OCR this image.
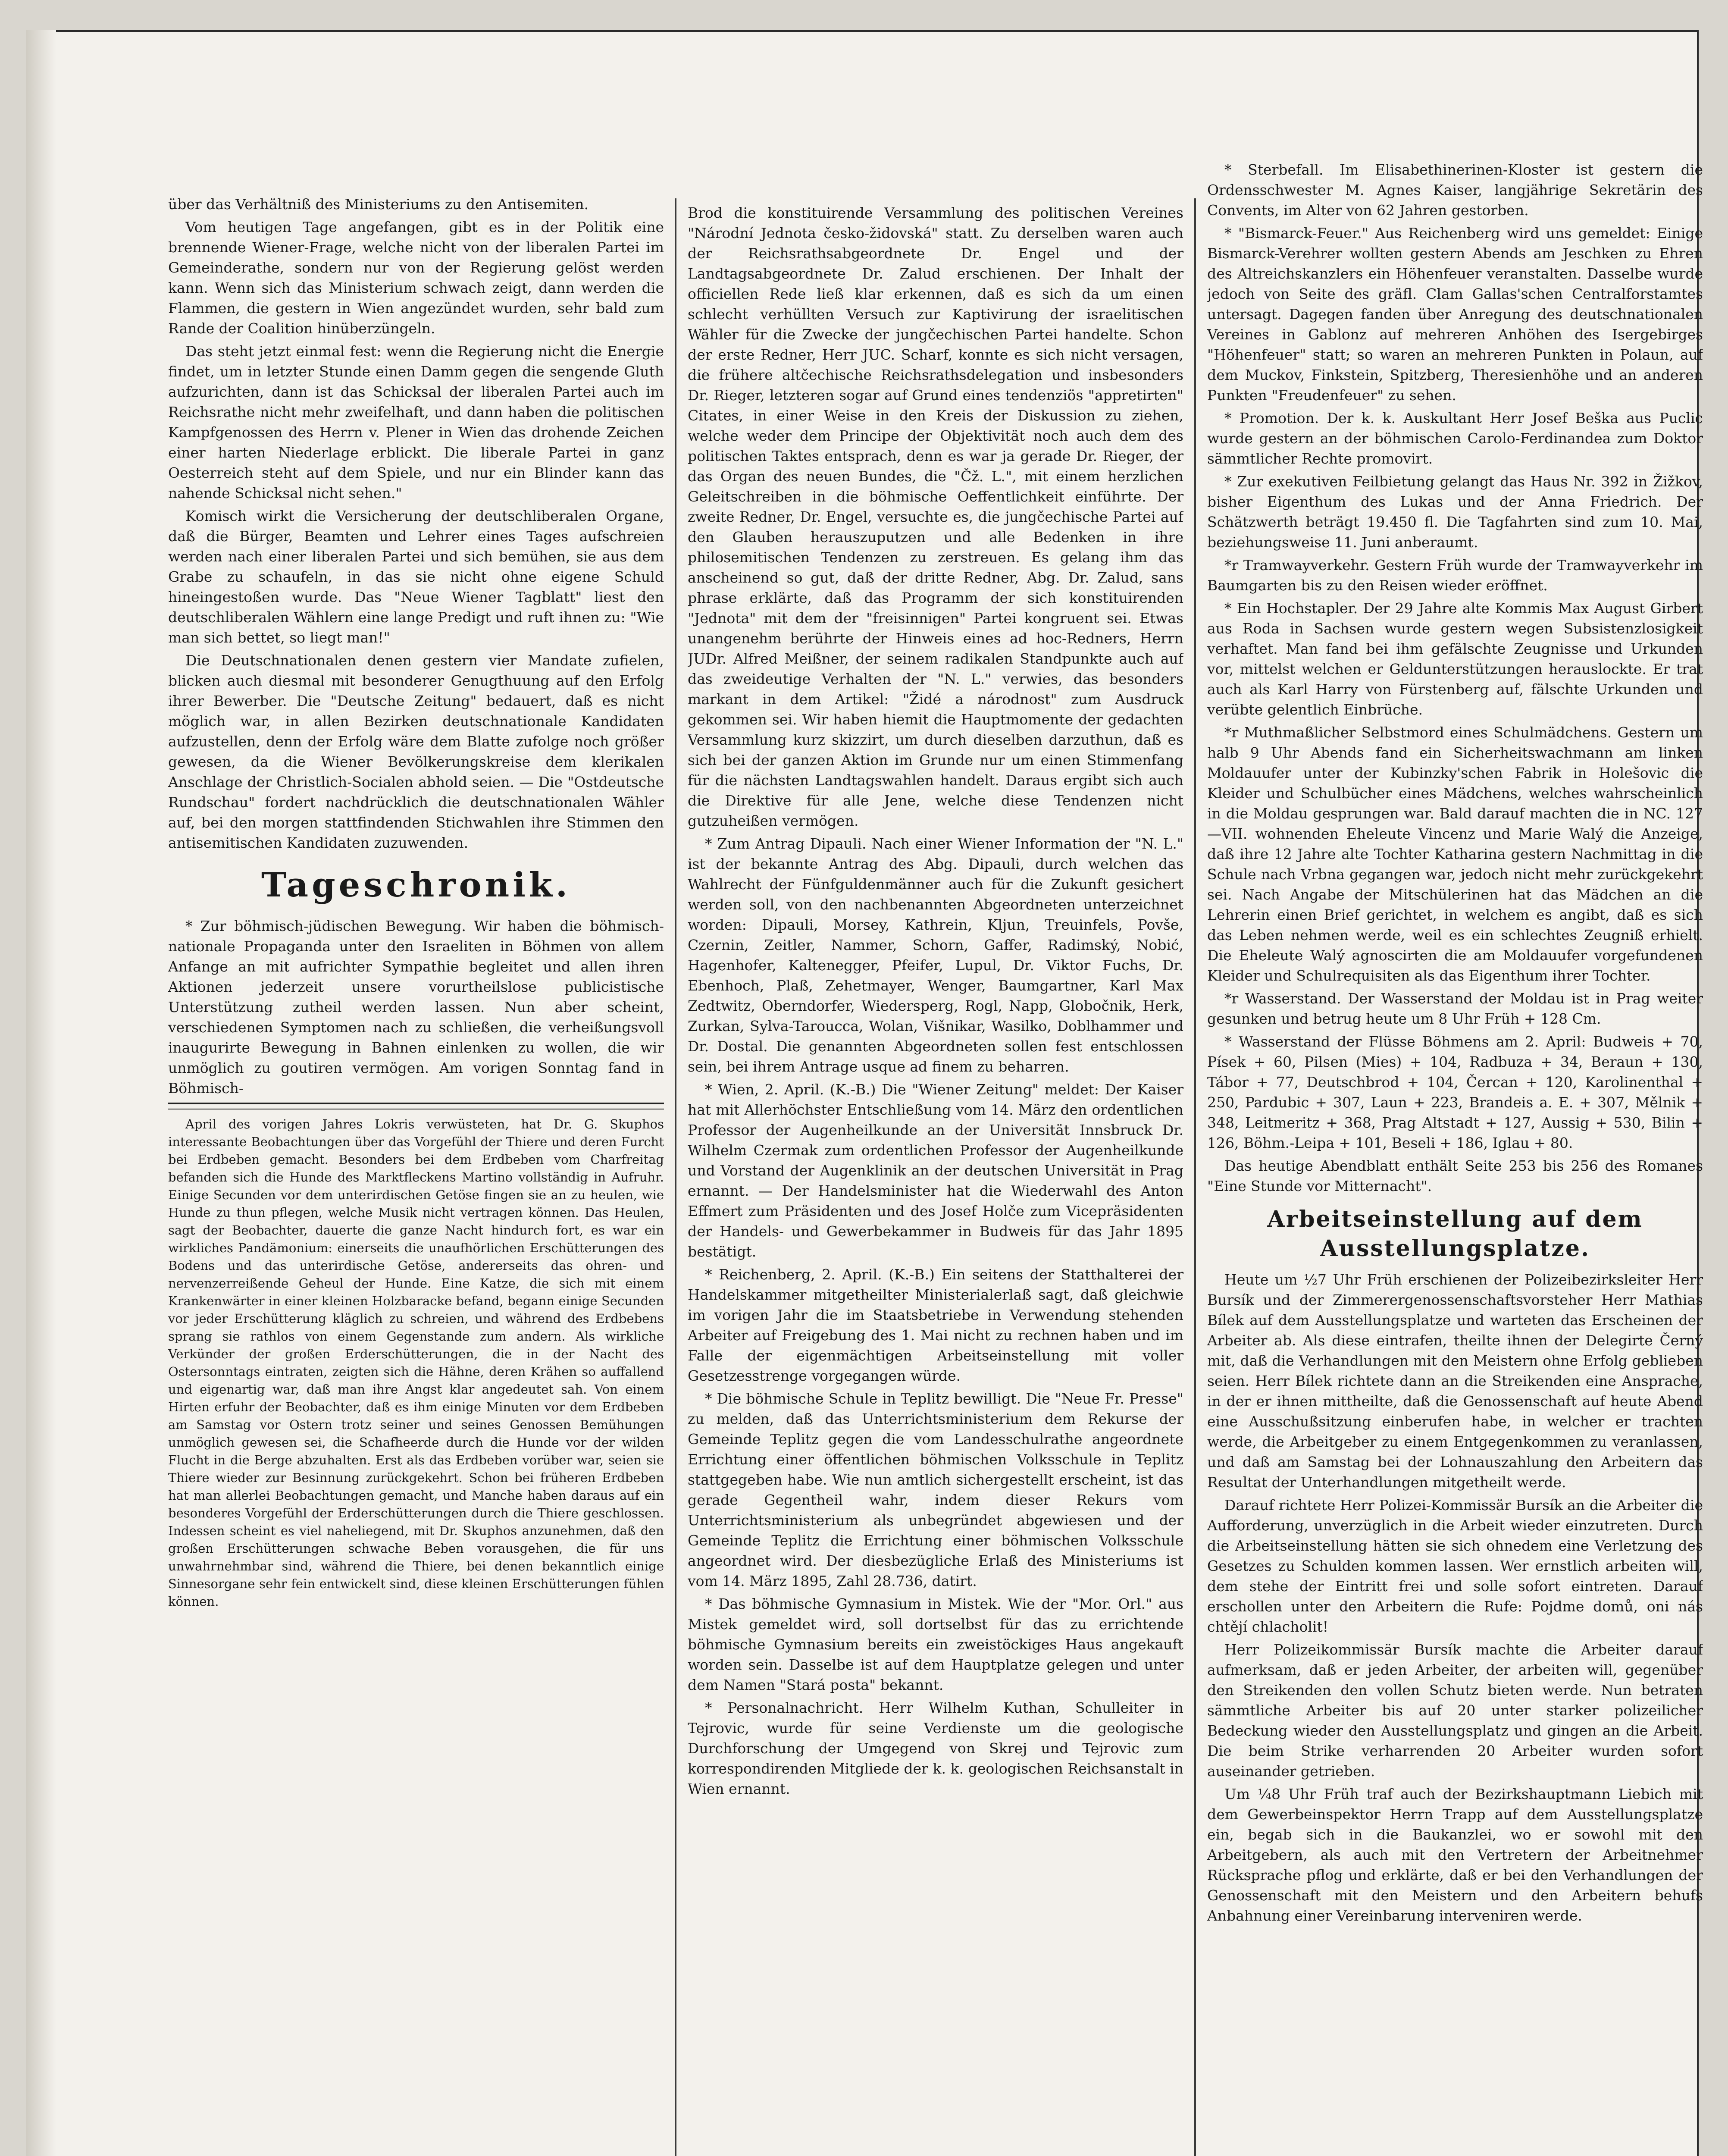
über das Verhältniß des Ministeriums zu den Antisemiten.

Vom heutigen Tage angefangen, gibt es in der Politik eine brennende Wiener-Frage, welche nicht von der liberalen Partei im Gemeinderathe, sondern nur von der Regierung gelöst werden kann. Wenn sich das Ministerium schwach zeigt, dann werden die Flammen, die gestern in Wien angezündet wurden, sehr bald zum Rande der Coalition hinüberzüngeln.

Das steht jetzt einmal fest: wenn die Regierung nicht die Energie findet, um in letzter Stunde einen Damm gegen die sengende Gluth aufzurichten, dann ist das Schicksal der liberalen Partei auch im Reichsrathe nicht mehr zweifelhaft, und dann haben die politischen Kampfgenossen des Herrn v. Plener in Wien das drohende Zeichen einer harten Niederlage erblickt. Die liberale Partei in ganz Oesterreich steht auf dem Spiele, und nur ein Blinder kann das nahende Schicksal nicht sehen."

Komisch wirkt die Versicherung der deutschliberalen Organe, daß die Bürger, Beamten und Lehrer eines Tages aufschreien werden nach einer liberalen Partei und sich bemühen, sie aus dem Grabe zu schaufeln, in das sie nicht ohne eigene Schuld hineingestoßen wurde. Das "Neue Wiener Tagblatt" liest den deutschliberalen Wählern eine lange Predigt und ruft ihnen zu: "Wie man sich bettet, so liegt man!"

Die Deutschnationalen denen gestern vier Mandate zufielen, blicken auch diesmal mit besonderer Genugthuung auf den Erfolg ihrer Bewerber. Die "Deutsche Zeitung" bedauert, daß es nicht möglich war, in allen Bezirken deutschnationale Kandidaten aufzustellen, denn der Erfolg wäre dem Blatte zufolge noch größer gewesen, da die Wiener Bevölkerungskreise dem klerikalen Anschlage der Christlich-Socialen abhold seien. — Die "Ostdeutsche Rundschau" fordert nachdrücklich die deutschnationalen Wähler auf, bei den morgen stattfindenden Stichwahlen ihre Stimmen den antisemitischen Kandidaten zuzuwenden.

Tageschronik.

* Zur böhmisch-jüdischen Bewegung. Wir haben die böhmisch-nationale Propaganda unter den Israeliten in Böhmen von allem Anfange an mit aufrichter Sympathie begleitet und allen ihren Aktionen jederzeit unsere vorurtheilslose publicistische Unterstützung zutheil werden lassen. Nun aber scheint, verschiedenen Symptomen nach zu schließen, die verheißungsvoll inaugurirte Bewegung in Bahnen einlenken zu wollen, die wir unmöglich zu goutiren vermögen. Am vorigen Sonntag fand in Böhmisch-

April des vorigen Jahres Lokris verwüsteten, hat Dr. G. Skuphos interessante Beobachtungen über das Vorgefühl der Thiere und deren Furcht bei Erdbeben gemacht. Besonders bei dem Erdbeben vom Charfreitag befanden sich die Hunde des Marktfleckens Martino vollständig in Aufruhr. Einige Secunden vor dem unterirdischen Getöse fingen sie an zu heulen, wie Hunde zu thun pflegen, welche Musik nicht vertragen können. Das Heulen, sagt der Beobachter, dauerte die ganze Nacht hindurch fort, es war ein wirkliches Pandämonium: einerseits die unaufhörlichen Erschütterungen des Bodens und das unterirdische Getöse, andererseits das ohren- und nervenzerreißende Geheul der Hunde. Eine Katze, die sich mit einem Krankenwärter in einer kleinen Holzbaracke befand, begann einige Secunden vor jeder Erschütterung kläglich zu schreien, und während des Erdbebens sprang sie rathlos von einem Gegenstande zum andern. Als wirkliche Verkünder der großen Erderschütterungen, die in der Nacht des Ostersonntags eintraten, zeigten sich die Hähne, deren Krähen so auffallend und eigenartig war, daß man ihre Angst klar angedeutet sah. Von einem Hirten erfuhr der Beobachter, daß es ihm einige Minuten vor dem Erdbeben am Samstag vor Ostern trotz seiner und seines Genossen Bemühungen unmöglich gewesen sei, die Schafheerde durch die Hunde vor der wilden Flucht in die Berge abzuhalten. Erst als das Erdbeben vorüber war, seien sie Thiere wieder zur Besinnung zurückgekehrt. Schon bei früheren Erdbeben hat man allerlei Beobachtungen gemacht, und Manche haben daraus auf ein besonderes Vorgefühl der Erderschütterungen durch die Thiere geschlossen. Indessen scheint es viel naheliegend, mit Dr. Skuphos anzunehmen, daß den großen Erschütterungen schwache Beben vorausgehen, die für uns unwahrnehmbar sind, während die Thiere, bei denen bekanntlich einige Sinnesorgane sehr fein entwickelt sind, diese kleinen Erschütterungen fühlen können.

Brod die konstituirende Versammlung des politischen Vereines "Národní Jednota česko-židovská" statt. Zu derselben waren auch der Reichsrathsabgeordnete Dr. Engel und der Landtagsabgeordnete Dr. Zalud erschienen. Der Inhalt der officiellen Rede ließ klar erkennen, daß es sich da um einen schlecht verhüllten Versuch zur Kaptivirung der israelitischen Wähler für die Zwecke der jungčechischen Partei handelte. Schon der erste Redner, Herr JUC. Scharf, konnte es sich nicht versagen, die frühere altčechische Reichsrathsdelegation und insbesonders Dr. Rieger, letzteren sogar auf Grund eines tendenziös "appretirten" Citates, in einer Weise in den Kreis der Diskussion zu ziehen, welche weder dem Principe der Objektivität noch auch dem des politischen Taktes entsprach, denn es war ja gerade Dr. Rieger, der das Organ des neuen Bundes, die "Čž. L.", mit einem herzlichen Geleitschreiben in die böhmische Oeffentlichkeit einführte. Der zweite Redner, Dr. Engel, versuchte es, die jungčechische Partei auf den Glauben herauszuputzen und alle Bedenken in ihre philosemitischen Tendenzen zu zerstreuen. Es gelang ihm das anscheinend so gut, daß der dritte Redner, Abg. Dr. Zalud, sans phrase erklärte, daß das Programm der sich konstituirenden "Jednota" mit dem der "freisinnigen" Partei kongruent sei. Etwas unangenehm berührte der Hinweis eines ad hoc-Redners, Herrn JUDr. Alfred Meißner, der seinem radikalen Standpunkte auch auf das zweideutige Verhalten der "N. L." verwies, das besonders markant in dem Artikel: "Židé a národnost" zum Ausdruck gekommen sei. Wir haben hiemit die Hauptmomente der gedachten Versammlung kurz skizzirt, um durch dieselben darzuthun, daß es sich bei der ganzen Aktion im Grunde nur um einen Stimmenfang für die nächsten Landtagswahlen handelt. Daraus ergibt sich auch die Direktive für alle Jene, welche diese Tendenzen nicht gutzuheißen vermögen.

* Zum Antrag Dipauli. Nach einer Wiener Information der "N. L." ist der bekannte Antrag des Abg. Dipauli, durch welchen das Wahlrecht der Fünfguldenmänner auch für die Zukunft gesichert werden soll, von den nachbenannten Abgeordneten unterzeichnet worden: Dipauli, Morsey, Kathrein, Kljun, Treuinfels, Povše, Czernin, Zeitler, Nammer, Schorn, Gaffer, Radimský, Nobić, Hagenhofer, Kaltenegger, Pfeifer, Lupul, Dr. Viktor Fuchs, Dr. Ebenhoch, Plaß, Zehetmayer, Wenger, Baumgartner, Karl Max Zedtwitz, Oberndorfer, Wiedersperg, Rogl, Napp, Globočnik, Herk, Zurkan, Sylva-Taroucca, Wolan, Višnikar, Wasilko, Doblhammer und Dr. Dostal. Die genannten Abgeordneten sollen fest entschlossen sein, bei ihrem Antrage usque ad finem zu beharren.

* Wien, 2. April. (K.-B.) Die "Wiener Zeitung" meldet: Der Kaiser hat mit Allerhöchster Entschließung vom 14. März den ordentlichen Professor der Augenheilkunde an der Universität Innsbruck Dr. Wilhelm Czermak zum ordentlichen Professor der Augenheilkunde und Vorstand der Augenklinik an der deutschen Universität in Prag ernannt. — Der Handelsminister hat die Wiederwahl des Anton Effmert zum Präsidenten und des Josef Holče zum Vicepräsidenten der Handels- und Gewerbekammer in Budweis für das Jahr 1895 bestätigt.

* Reichenberg, 2. April. (K.-B.) Ein seitens der Statthalterei der Handelskammer mitgetheilter Ministerialerlaß sagt, daß gleichwie im vorigen Jahr die im Staatsbetriebe in Verwendung stehenden Arbeiter auf Freigebung des 1. Mai nicht zu rechnen haben und im Falle der eigenmächtigen Arbeitseinstellung mit voller Gesetzesstrenge vorgegangen würde.

* Die böhmische Schule in Teplitz bewilligt. Die "Neue Fr. Presse" zu melden, daß das Unterrichtsministerium dem Rekurse der Gemeinde Teplitz gegen die vom Landesschulrathe angeordnete Errichtung einer öffentlichen böhmischen Volksschule in Teplitz stattgegeben habe. Wie nun amtlich sichergestellt erscheint, ist das gerade Gegentheil wahr, indem dieser Rekurs vom Unterrichtsministerium als unbegründet abgewiesen und der Gemeinde Teplitz die Errichtung einer böhmischen Volksschule angeordnet wird. Der diesbezügliche Erlaß des Ministeriums ist vom 14. März 1895, Zahl 28.736, datirt.

* Das böhmische Gymnasium in Mistek. Wie der "Mor. Orl." aus Mistek gemeldet wird, soll dortselbst für das zu errichtende böhmische Gymnasium bereits ein zweistöckiges Haus angekauft worden sein. Dasselbe ist auf dem Hauptplatze gelegen und unter dem Namen "Stará posta" bekannt.

* Personalnachricht. Herr Wilhelm Kuthan, Schulleiter in Tejrovic, wurde für seine Verdienste um die geologische Durchforschung der Umgegend von Skrej und Tejrovic zum korrespondirenden Mitgliede der k. k. geologischen Reichsanstalt in Wien ernannt.

* Sterbefall. Im Elisabethinerinen-Kloster ist gestern die Ordensschwester M. Agnes Kaiser, langjährige Sekretärin des Convents, im Alter von 62 Jahren gestorben.

* "Bismarck-Feuer." Aus Reichenberg wird uns gemeldet: Einige Bismarck-Verehrer wollten gestern Abends am Jeschken zu Ehren des Altreichskanzlers ein Höhenfeuer veranstalten. Dasselbe wurde jedoch von Seite des gräfl. Clam Gallas'schen Centralforstamtes untersagt. Dagegen fanden über Anregung des deutschnationalen Vereines in Gablonz auf mehreren Anhöhen des Isergebirges "Höhenfeuer" statt; so waren an mehreren Punkten in Polaun, auf dem Muckov, Finkstein, Spitzberg, Theresienhöhe und an anderen Punkten "Freudenfeuer" zu sehen.

* Promotion. Der k. k. Auskultant Herr Josef Beška aus Puclic wurde gestern an der böhmischen Carolo-Ferdinandea zum Doktor sämmtlicher Rechte promovirt.

* Zur exekutiven Feilbietung gelangt das Haus Nr. 392 in Žižkov, bisher Eigenthum des Lukas und der Anna Friedrich. Der Schätzwerth beträgt 19.450 fl. Die Tagfahrten sind zum 10. Mai, beziehungsweise 11. Juni anberaumt.

*r Tramwayverkehr. Gestern Früh wurde der Tramwayverkehr im Baumgarten bis zu den Reisen wieder eröffnet.

* Ein Hochstapler. Der 29 Jahre alte Kommis Max August Girbert aus Roda in Sachsen wurde gestern wegen Subsistenzlosigkeit verhaftet. Man fand bei ihm gefälschte Zeugnisse und Urkunden vor, mittelst welchen er Geldunterstützungen herauslockte. Er trat auch als Karl Harry von Fürstenberg auf, fälschte Urkunden und verübte gelentlich Einbrüche.

*r Muthmaßlicher Selbstmord eines Schulmädchens. Gestern um halb 9 Uhr Abends fand ein Sicherheitswachmann am linken Moldauufer unter der Kubinzky'schen Fabrik in Holešovic die Kleider und Schulbücher eines Mädchens, welches wahrscheinlich in die Moldau gesprungen war. Bald darauf machten die in NC. 127—VII. wohnenden Eheleute Vincenz und Marie Walý die Anzeige, daß ihre 12 Jahre alte Tochter Katharina gestern Nachmittag in die Schule nach Vrbna gegangen war, jedoch nicht mehr zurückgekehrt sei. Nach Angabe der Mitschülerinen hat das Mädchen an die Lehrerin einen Brief gerichtet, in welchem es angibt, daß es sich das Leben nehmen werde, weil es ein schlechtes Zeugniß erhielt. Die Eheleute Walý agnoscirten die am Moldauufer vorgefundenen Kleider und Schulrequisiten als das Eigenthum ihrer Tochter.

*r Wasserstand. Der Wasserstand der Moldau ist in Prag weiter gesunken und betrug heute um 8 Uhr Früh + 128 Cm.

* Wasserstand der Flüsse Böhmens am 2. April: Budweis + 70, Písek + 60, Pilsen (Mies) + 104, Radbuza + 34, Beraun + 130, Tábor + 77, Deutschbrod + 104, Čercan + 120, Karolinenthal + 250, Pardubic + 307, Laun + 223, Brandeis a. E. + 307, Mělnik + 348, Leitmeritz + 368, Prag Altstadt + 127, Aussig + 530, Bilin + 126, Böhm.-Leipa + 101, Beseli + 186, Iglau + 80.

Das heutige Abendblatt enthält Seite 253 bis 256 des Romanes "Eine Stunde vor Mitternacht".

Arbeitseinstellung auf dem Ausstellungsplatze.

Heute um ½7 Uhr Früh erschienen der Polizeibezirksleiter Herr Bursík und der Zimmerergenossenschaftsvorsteher Herr Mathias Bílek auf dem Ausstellungsplatze und warteten das Erscheinen der Arbeiter ab. Als diese eintrafen, theilte ihnen der Delegirte Černý mit, daß die Verhandlungen mit den Meistern ohne Erfolg geblieben seien. Herr Bílek richtete dann an die Streikenden eine Ansprache, in der er ihnen mittheilte, daß die Genossenschaft auf heute Abend eine Ausschußsitzung einberufen habe, in welcher er trachten werde, die Arbeitgeber zu einem Entgegenkommen zu veranlassen, und daß am Samstag bei der Lohnauszahlung den Arbeitern das Resultat der Unterhandlungen mitgetheilt werde.

Darauf richtete Herr Polizei-Kommissär Bursík an die Arbeiter die Aufforderung, unverzüglich in die Arbeit wieder einzutreten. Durch die Arbeitseinstellung hätten sie sich ohnedem eine Verletzung des Gesetzes zu Schulden kommen lassen. Wer ernstlich arbeiten will, dem stehe der Eintritt frei und solle sofort eintreten. Darauf erschollen unter den Arbeitern die Rufe: Pojdme domů, oni nás chtějí chlacholit!

Herr Polizeikommissär Bursík machte die Arbeiter darauf aufmerksam, daß er jeden Arbeiter, der arbeiten will, gegenüber den Streikenden den vollen Schutz bieten werde. Nun betraten sämmtliche Arbeiter bis auf 20 unter starker polizeilicher Bedeckung wieder den Ausstellungsplatz und gingen an die Arbeit. Die beim Strike verharrenden 20 Arbeiter wurden sofort auseinander getrieben.

Um ¼8 Uhr Früh traf auch der Bezirkshauptmann Liebich mit dem Gewerbeinspektor Herrn Trapp auf dem Ausstellungsplatze ein, begab sich in die Baukanzlei, wo er sowohl mit den Arbeitgebern, als auch mit den Vertretern der Arbeitnehmer Rücksprache pflog und erklärte, daß er bei den Verhandlungen der Genossenschaft mit den Meistern und den Arbeitern behufs Anbahnung einer Vereinbarung interveniren werde.
